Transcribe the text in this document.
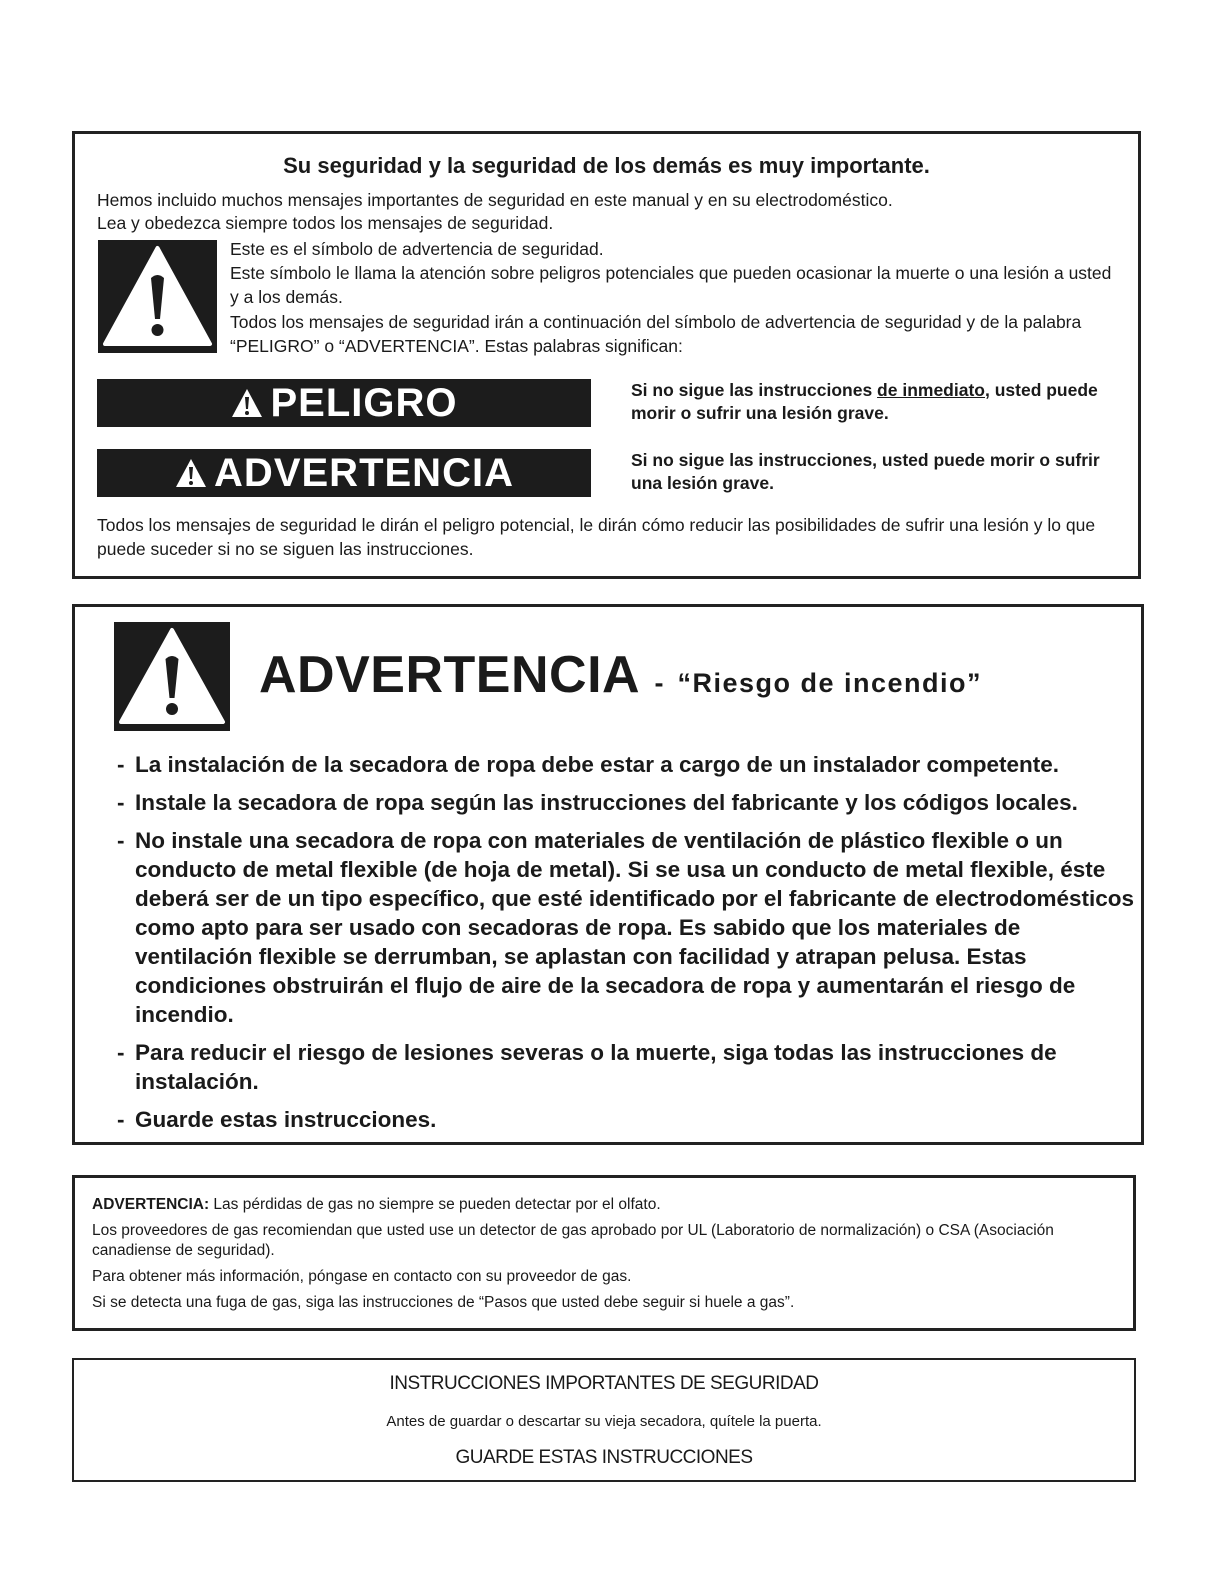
Su seguridad y la seguridad de los demás es muy importante.

Hemos incluido muchos mensajes importantes de seguridad en este manual y en su electrodoméstico.

Lea y obedezca siempre todos los mensajes de seguridad.

Este es el símbolo de advertencia de seguridad.

Este símbolo le llama la atención sobre peligros potenciales que pueden ocasionar la muerte o una lesión a usted y a los demás.

Todos los mensajes de seguridad irán a continuación del símbolo de advertencia de seguridad y de la palabra “PELIGRO” o “ADVERTENCIA”. Estas palabras significan:

PELIGRO	Si no sigue las instrucciones de inmediato, usted puede morir o sufrir una lesión grave.

ADVERTENCIA	Si no sigue las instrucciones, usted puede morir o sufrir una lesión grave.

Todos los mensajes de seguridad le dirán el peligro potencial, le dirán cómo reducir las posibilidades de sufrir una lesión y lo que puede suceder si no se siguen las instrucciones.

ADVERTENCIA - “Riesgo de incendio”
- La instalación de la secadora de ropa debe estar a cargo de un instalador competente.
- Instale la secadora de ropa según las instrucciones del fabricante y los códigos locales.
- No instale una secadora de ropa con materiales de ventilación de plástico flexible o un conducto de metal flexible (de hoja de metal). Si se usa un conducto de metal flexible, éste deberá ser de un tipo específico, que esté identificado por el fabricante de electrodomésticos como apto para ser usado con secadoras de ropa. Es sabido que los materiales de ventilación flexible se derrumban, se aplastan con facilidad y atrapan pelusa. Estas condiciones obstruirán el flujo de aire de la secadora de ropa y aumentarán el riesgo de incendio.
- Para reducir el riesgo de lesiones severas o la muerte, siga todas las instrucciones de instalación.
- Guarde estas instrucciones.

ADVERTENCIA: Las pérdidas de gas no siempre se pueden detectar por el olfato.

Los proveedores de gas recomiendan que usted use un detector de gas aprobado por UL (Laboratorio de normalización) o CSA (Asociación canadiense de seguridad).

Para obtener más información, póngase en contacto con su proveedor de gas.

Si se detecta una fuga de gas, siga las instrucciones de “Pasos que usted debe seguir si huele a gas”.

INSTRUCCIONES IMPORTANTES DE SEGURIDAD

Antes de guardar o descartar su vieja secadora, quítele la puerta.

GUARDE ESTAS INSTRUCCIONES
